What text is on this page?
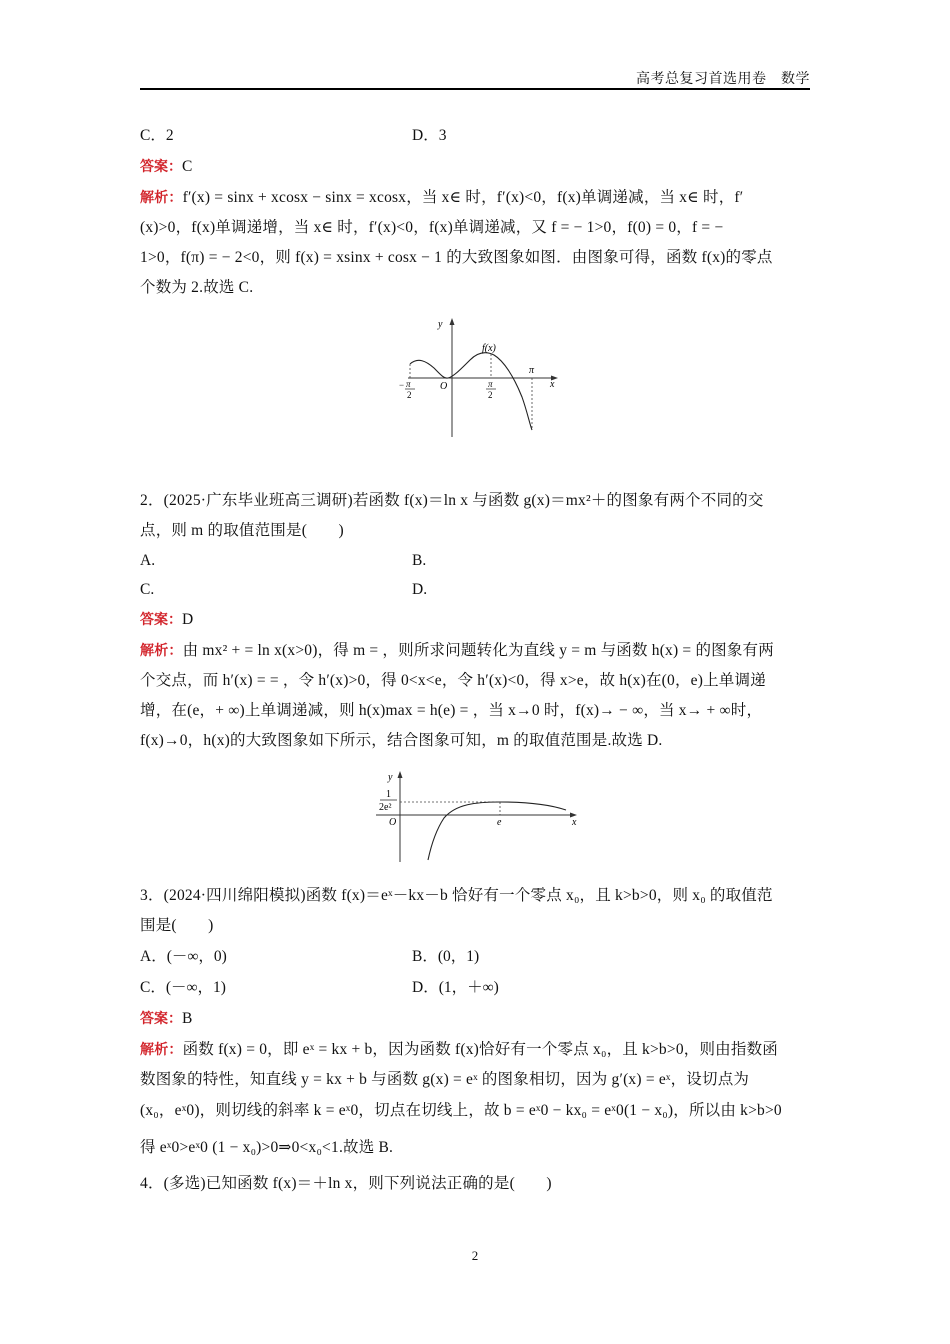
高考总复习首选用卷　数学
C．2	D．3
答案：C
解析：f′(x) = sinx + xcosx − sinx = xcosx，当 x∈ 时，f′(x)<0，f(x)单调递减，当 x∈ 时，f′
(x)>0，f(x)单调递增，当 x∈ 时，f′(x)<0，f(x)单调递减，又 f = − 1>0，f(0) = 0，f = −
1>0，f(π) = − 2<0，则 f(x) = xsinx + cosx − 1 的大致图象如图．由图象可得，函数 f(x)的零点
个数为 2.故选 C.
y
x
O
f(x)
π
− π
2
π
2
2．(2025·广东毕业班高三调研)若函数 f(x)＝ln x 与函数 g(x)＝mx²＋的图象有两个不同的交
点，则 m 的取值范围是(　　)
A.	B.
C.	D.
答案：D
解析：由 mx² + = ln x(x>0)，得 m = ，则所求问题转化为直线 y = m 与函数 h(x) = 的图象有两
个交点，而 h′(x) = = ，令 h′(x)>0，得 0<x<e，令 h′(x)<0，得 x>e，故 h(x)在(0，e)上单调递
增，在(e，+ ∞)上单调递减，则 h(x)max = h(e) = ，当 x→0 时，f(x)→ − ∞，当 x→ + ∞时，
f(x)→0，h(x)的大致图象如下所示，结合图象可知，m 的取值范围是.故选 D.
y
x
O
1
2e²
e
3．(2024·四川绵阳模拟)函数 f(x)＝eˣ－kx－b 恰好有一个零点 x₀，且 k>b>0，则 x₀ 的取值范
围是(　　)
A．(－∞，0)	B．(0，1)
C．(－∞，1)	D．(1，＋∞)
答案：B
解析：函数 f(x) = 0，即 eˣ = kx + b，因为函数 f(x)恰好有一个零点 x₀，且 k>b>0，则由指数函
数图象的特性，知直线 y = kx + b 与函数 g(x) = eˣ 的图象相切，因为 g′(x) = eˣ，设切点为
(x₀，eˣ0)，则切线的斜率 k = eˣ0，切点在切线上，故 b = eˣ0 − kx₀ = eˣ0(1 − x₀)，所以由 k>b>0
得 eˣ0>eˣ0 (1 − x₀)>0⇒0<x₀<1.故选 B.
4．(多选)已知函数 f(x)＝＋ln x，则下列说法正确的是(　　)
2
